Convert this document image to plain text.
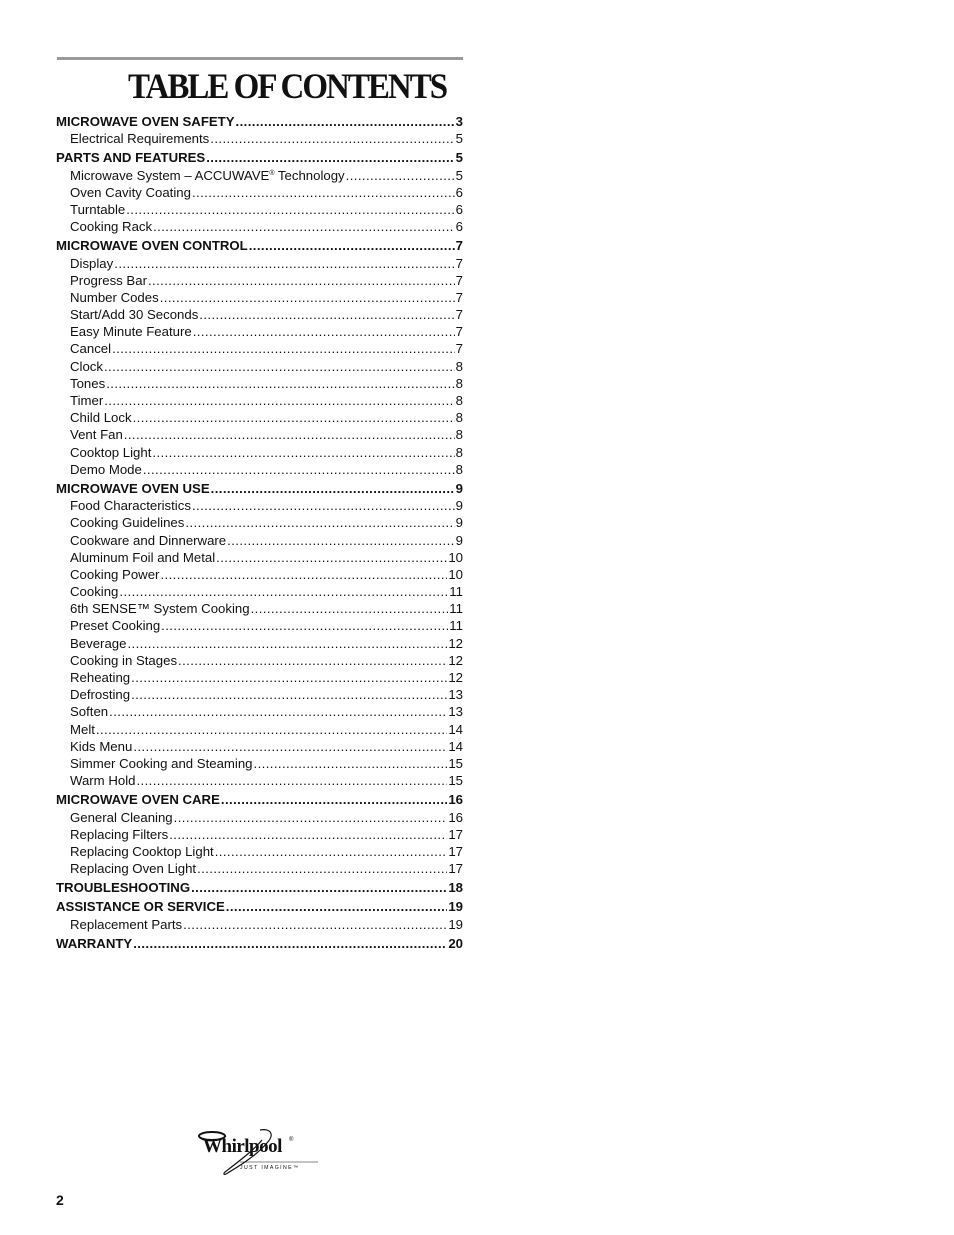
TABLE OF CONTENTS
MICROWAVE OVEN SAFETY .....	3
Electrical Requirements .....	5
PARTS AND FEATURES .....	5
Microwave System – ACCUWAVE® Technology .....	5
Oven Cavity Coating .....	6
Turntable .....	6
Cooking Rack .....	6
MICROWAVE OVEN CONTROL .....	7
Display .....	7
Progress Bar .....	7
Number Codes .....	7
Start/Add 30 Seconds .....	7
Easy Minute Feature .....	7
Cancel .....	7
Clock .....	8
Tones .....	8
Timer .....	8
Child Lock .....	8
Vent Fan .....	8
Cooktop Light .....	8
Demo Mode .....	8
MICROWAVE OVEN USE .....	9
Food Characteristics .....	9
Cooking Guidelines .....	9
Cookware and Dinnerware .....	9
Aluminum Foil and Metal .....	10
Cooking Power .....	10
Cooking .....	11
6th SENSE™ System Cooking .....	11
Preset Cooking .....	11
Beverage .....	12
Cooking in Stages .....	12
Reheating .....	12
Defrosting .....	13
Soften .....	13
Melt .....	14
Kids Menu .....	14
Simmer Cooking and Steaming .....	15
Warm Hold .....	15
MICROWAVE OVEN CARE .....	16
General Cleaning .....	16
Replacing Filters .....	17
Replacing Cooktop Light .....	17
Replacing Oven Light .....	17
TROUBLESHOOTING .....	18
ASSISTANCE OR SERVICE .....	19
Replacement Parts .....	19
WARRANTY .....	20
Whirlpool ®
JUST IMAGINE™
2
